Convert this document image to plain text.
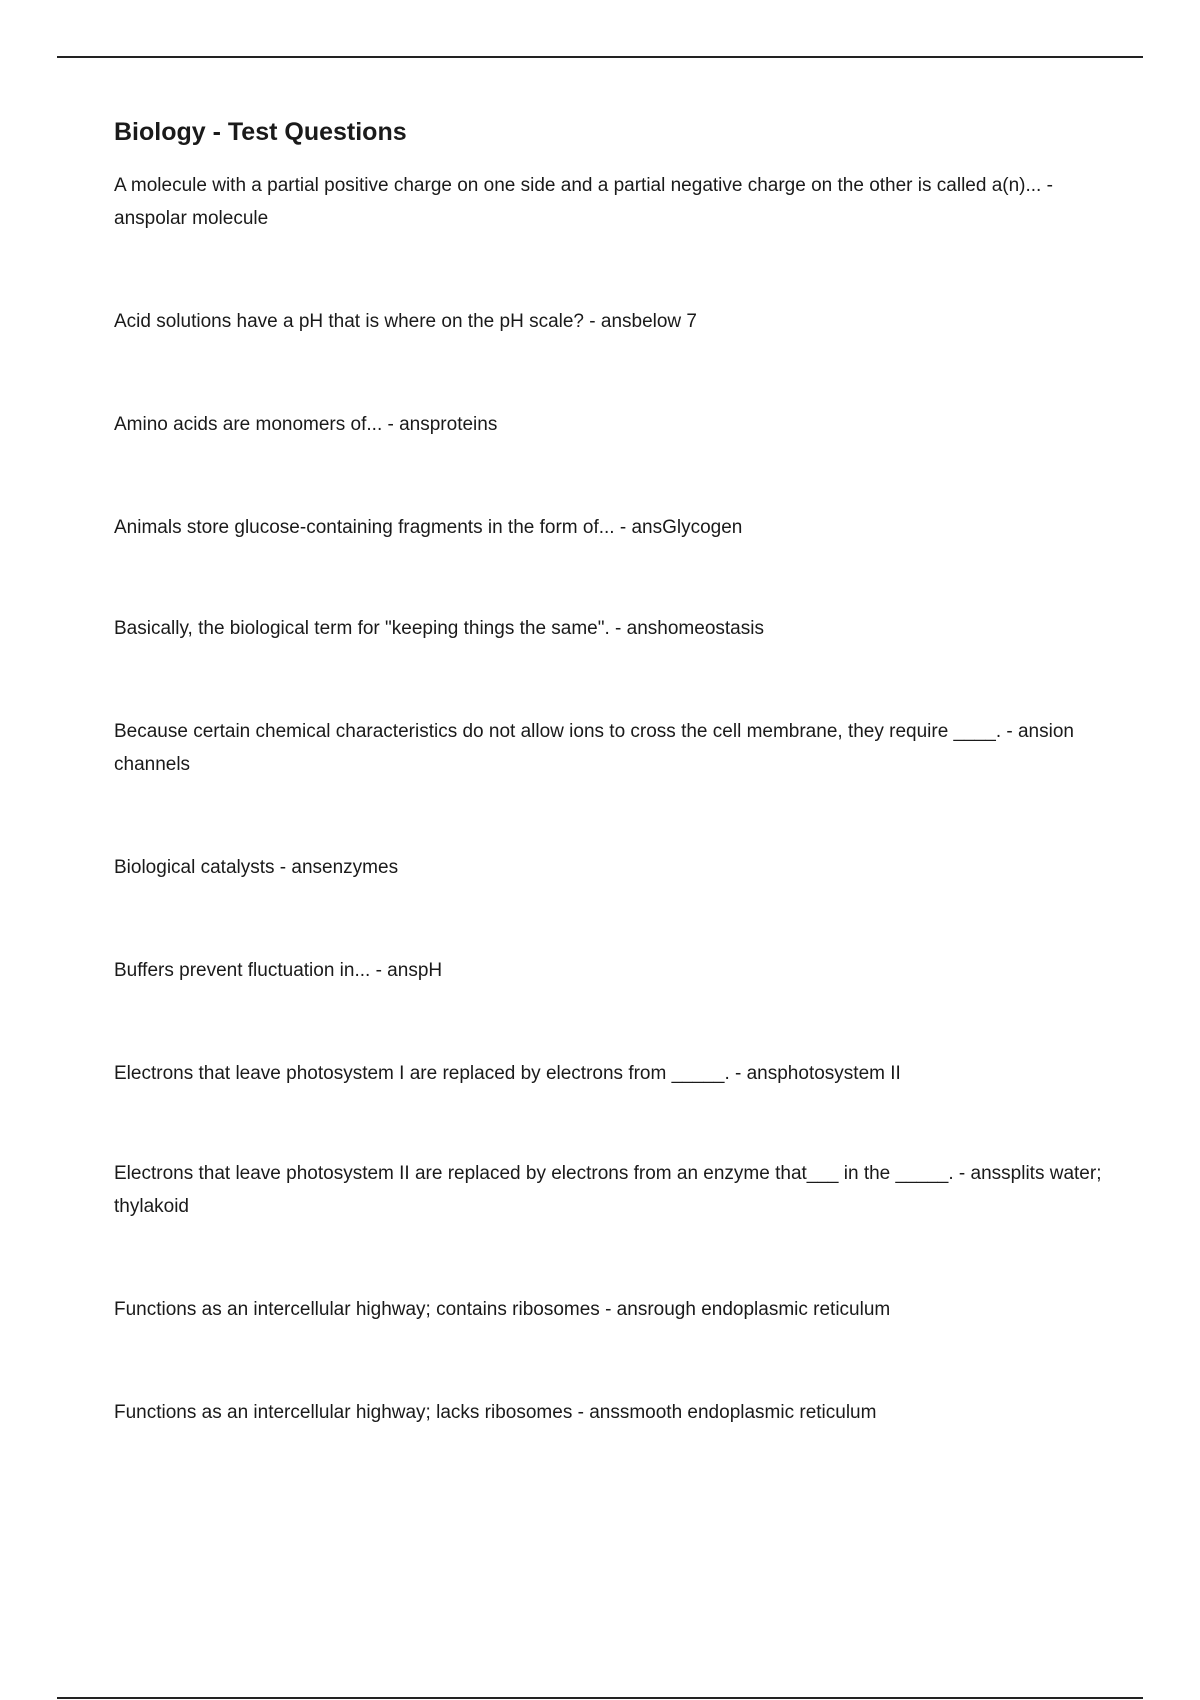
Biology - Test Questions
A molecule with a partial positive charge on one side and a partial negative charge on the other is called a(n)... - anspolar molecule
Acid solutions have a pH that is where on the pH scale? - ansbelow 7
Amino acids are monomers of... - ansproteins
Animals store glucose-containing fragments in the form of... - ansGlycogen
Basically, the biological term for "keeping things the same". - anshomeostasis
Because certain chemical characteristics do not allow ions to cross the cell membrane, they require ____. - ansion channels
Biological catalysts - ansenzymes
Buffers prevent fluctuation in... - anspH
Electrons that leave photosystem I are replaced by electrons from _____. - ansphotosystem II
Electrons that leave photosystem II are replaced by electrons from an enzyme that___ in the _____. - anssplits water; thylakoid
Functions as an intercellular highway; contains ribosomes - ansrough endoplasmic reticulum
Functions as an intercellular highway; lacks ribosomes - anssmooth endoplasmic reticulum
